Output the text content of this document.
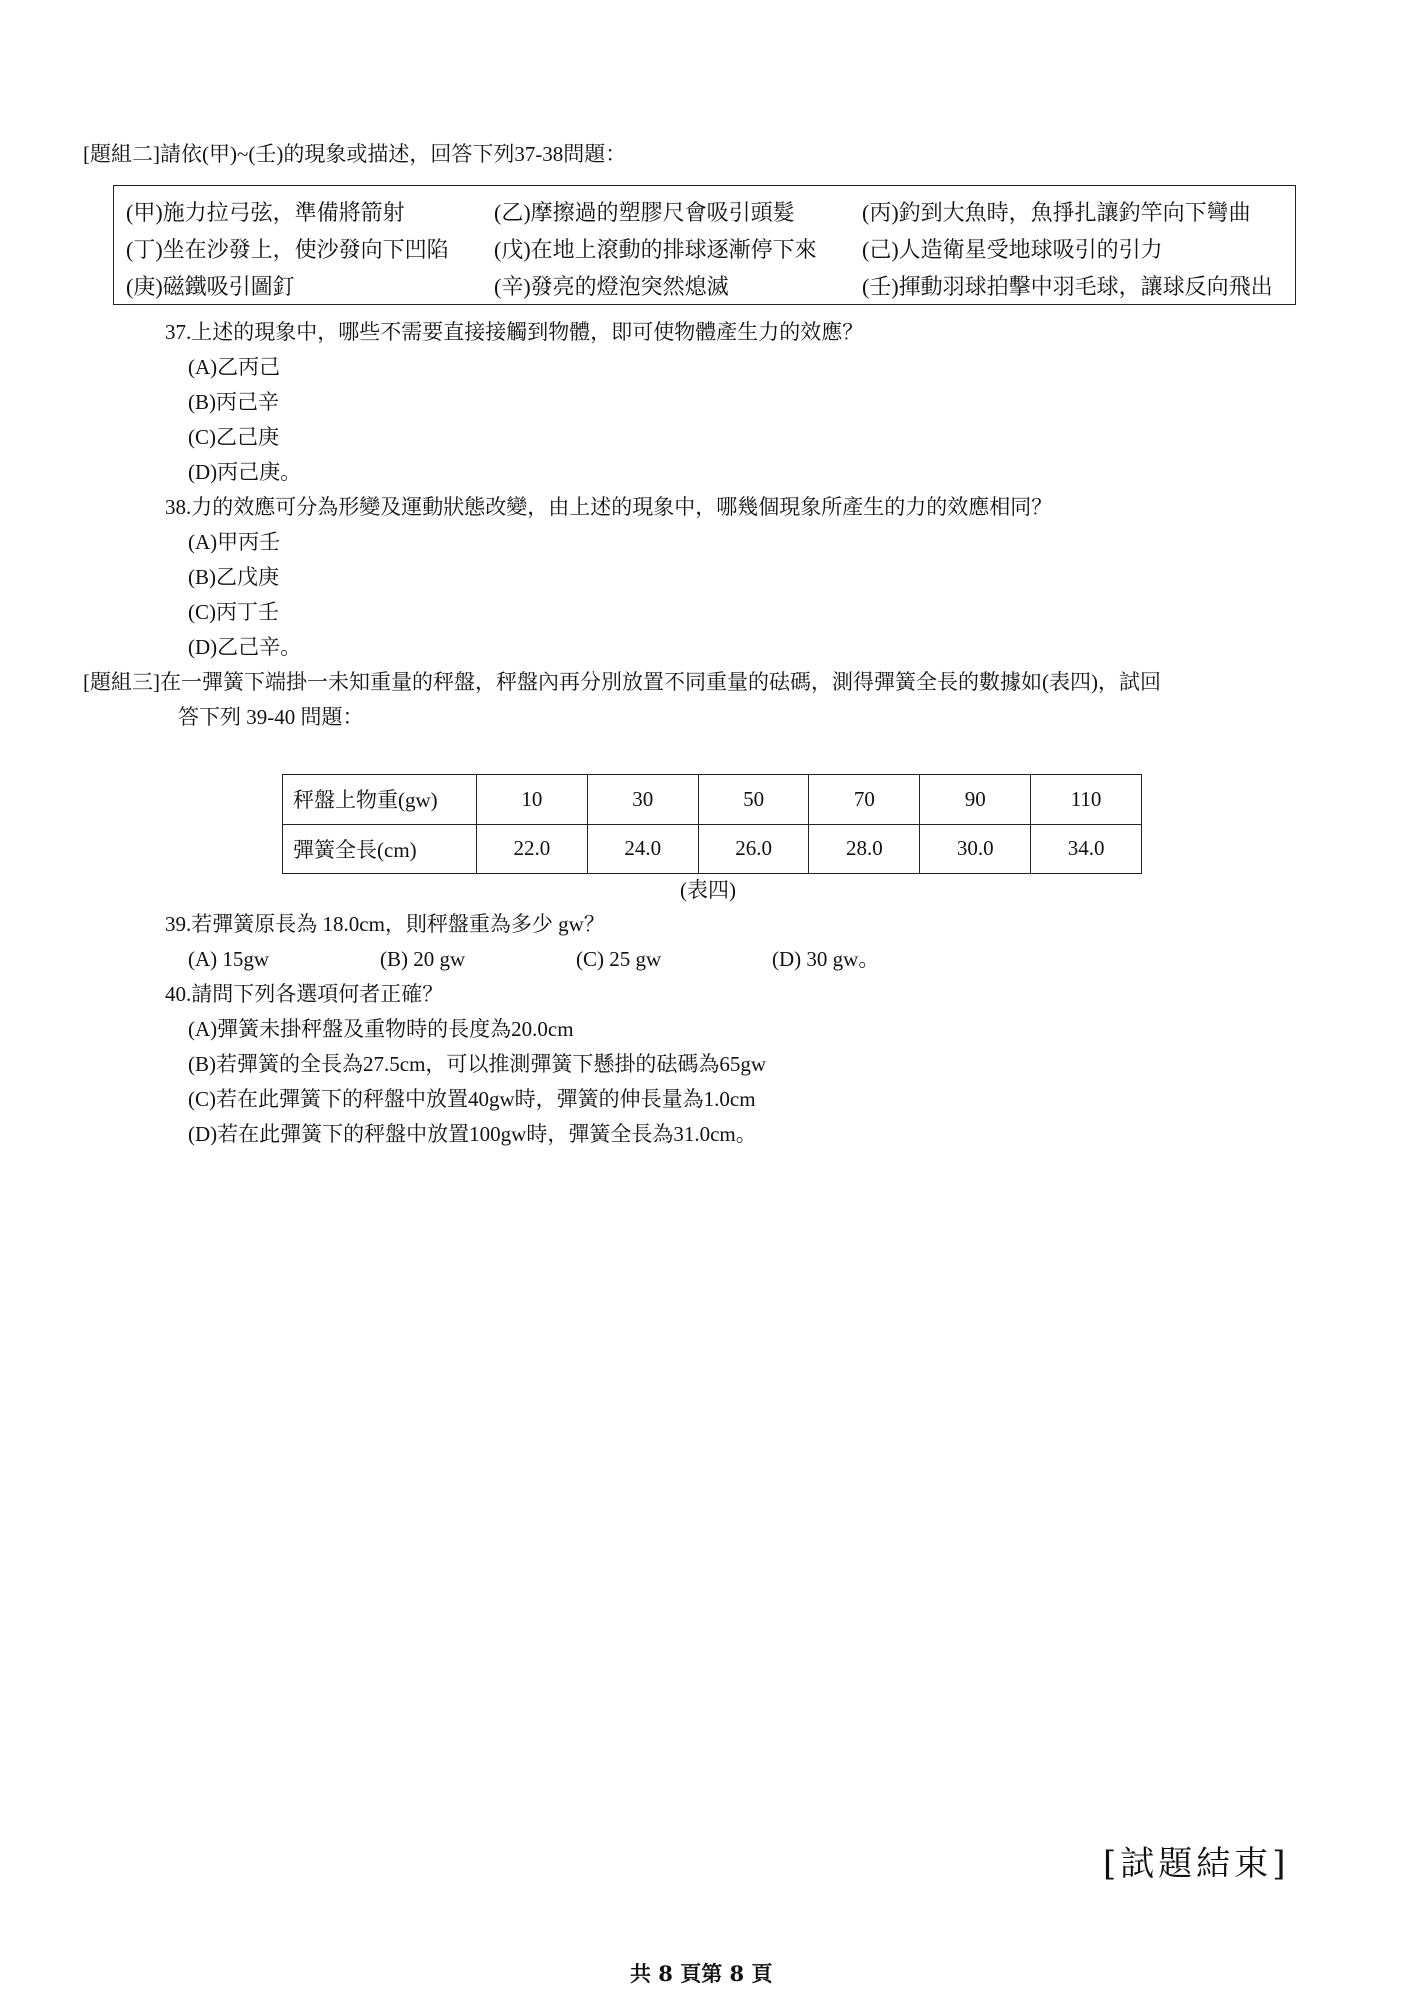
[題組二]請依(甲)~(壬)的現象或描述，回答下列37-38問題：
(甲)施力拉弓弦，準備將箭射	(乙)摩擦過的塑膠尺會吸引頭髮	(丙)釣到大魚時，魚掙扎讓釣竿向下彎曲
(丁)坐在沙發上，使沙發向下凹陷 (戊)在地上滾動的排球逐漸停下來 (己)人造衛星受地球吸引的引力
(庚)磁鐵吸引圖釘	(辛)發亮的燈泡突然熄滅	(壬)揮動羽球拍擊中羽毛球，讓球反向飛出
37.上述的現象中，哪些不需要直接接觸到物體，即可使物體產生力的效應？
(A)乙丙己
(B)丙己辛
(C)乙己庚
(D)丙己庚。
38.力的效應可分為形變及運動狀態改變，由上述的現象中，哪幾個現象所產生的力的效應相同？
(A)甲丙壬
(B)乙戊庚
(C)丙丁壬
(D)乙己辛。
[題組三]在一彈簧下端掛一未知重量的秤盤，秤盤內再分別放置不同重量的砝碼，測得彈簧全長的數據如(表四)，試回
答下列 39-40 問題：
秤盤上物重(gw)	10	30	50	70	90	110
彈簧全長(cm)	22.0	24.0	26.0	28.0	30.0	34.0
(表四)
39.若彈簧原長為 18.0cm，則秤盤重為多少 gw？
(A) 15gw	(B) 20 gw	(C) 25 gw	(D) 30 gw。
40.請問下列各選項何者正確？
(A)彈簧未掛秤盤及重物時的長度為20.0cm
(B)若彈簧的全長為27.5cm，可以推測彈簧下懸掛的砝碼為65gw
(C)若在此彈簧下的秤盤中放置40gw時，彈簧的伸長量為1.0cm
(D)若在此彈簧下的秤盤中放置100gw時，彈簧全長為31.0cm。
[試題結束]
共 8 頁第 8 頁
